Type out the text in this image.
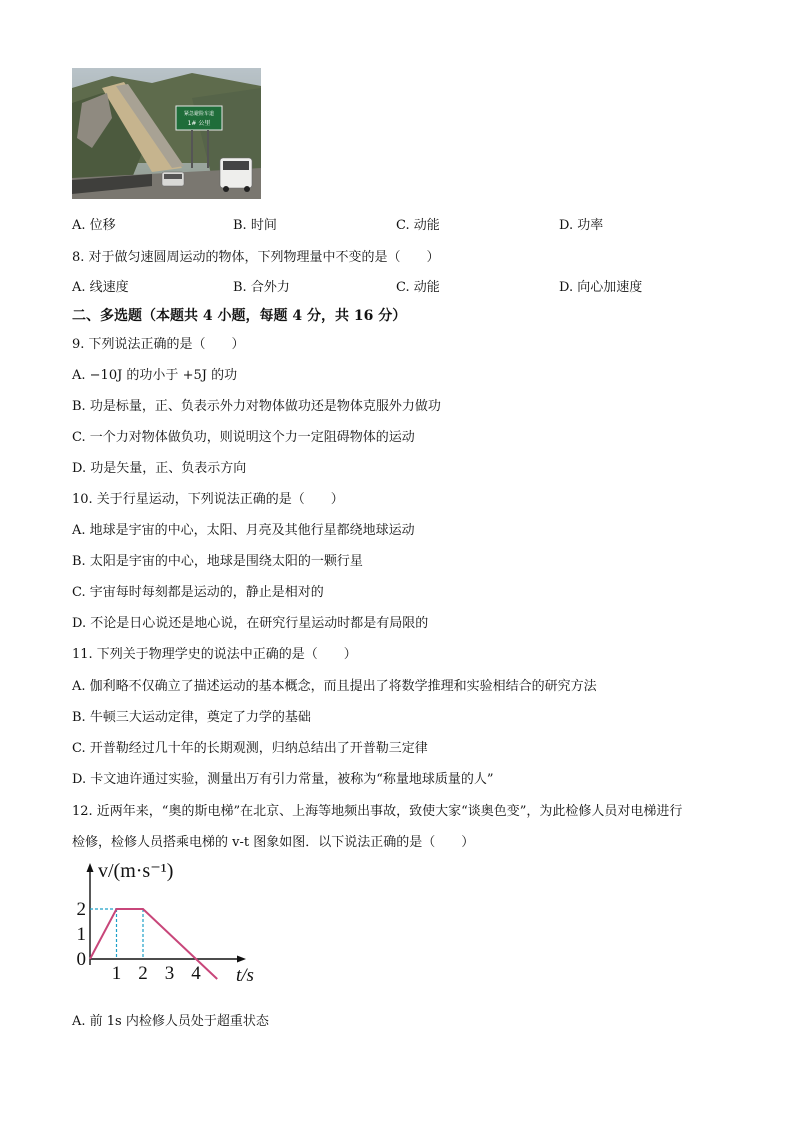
紧急避险车道
1# 公里
A. 位移	B. 时间	C. 动能	D. 功率
8. 对于做匀速圆周运动的物体，下列物理量中不变的是（　　）
A. 线速度	B. 合外力	C. 动能	D. 向心加速度
二、多选题（本题共 4 小题，每题 4 分，共 16 分）
9. 下列说法正确的是（　　）
A. −10J 的功小于 +5J 的功
B. 功是标量，正、负表示外力对物体做功还是物体克服外力做功
C. 一个力对物体做负功，则说明这个力一定阻碍物体的运动
D. 功是矢量，正、负表示方向
10. 关于行星运动，下列说法正确的是（　　）
A. 地球是宇宙的中心，太阳、月亮及其他行星都绕地球运动
B. 太阳是宇宙的中心，地球是围绕太阳的一颗行星
C. 宇宙每时每刻都是运动的，静止是相对的
D. 不论是日心说还是地心说，在研究行星运动时都是有局限的
11. 下列关于物理学史的说法中正确的是（　　）
A. 伽利略不仅确立了描述运动的基本概念，而且提出了将数学推理和实验相结合的研究方法
B. 牛顿三大运动定律，奠定了力学的基础
C. 开普勒经过几十年的长期观测，归纳总结出了开普勒三定律
D. 卡文迪许通过实验，测量出万有引力常量，被称为“称量地球质量的人”
12. 近两年来，“奥的斯电梯”在北京、上海等地频出事故，致使大家“谈奥色变”，为此检修人员对电梯进行
检修，检修人员搭乘电梯的 v-t 图象如图．以下说法正确的是（　　）
1 2 3 4
0
1
2
v/(m·s⁻¹)
t/s
A. 前 1s 内检修人员处于超重状态
